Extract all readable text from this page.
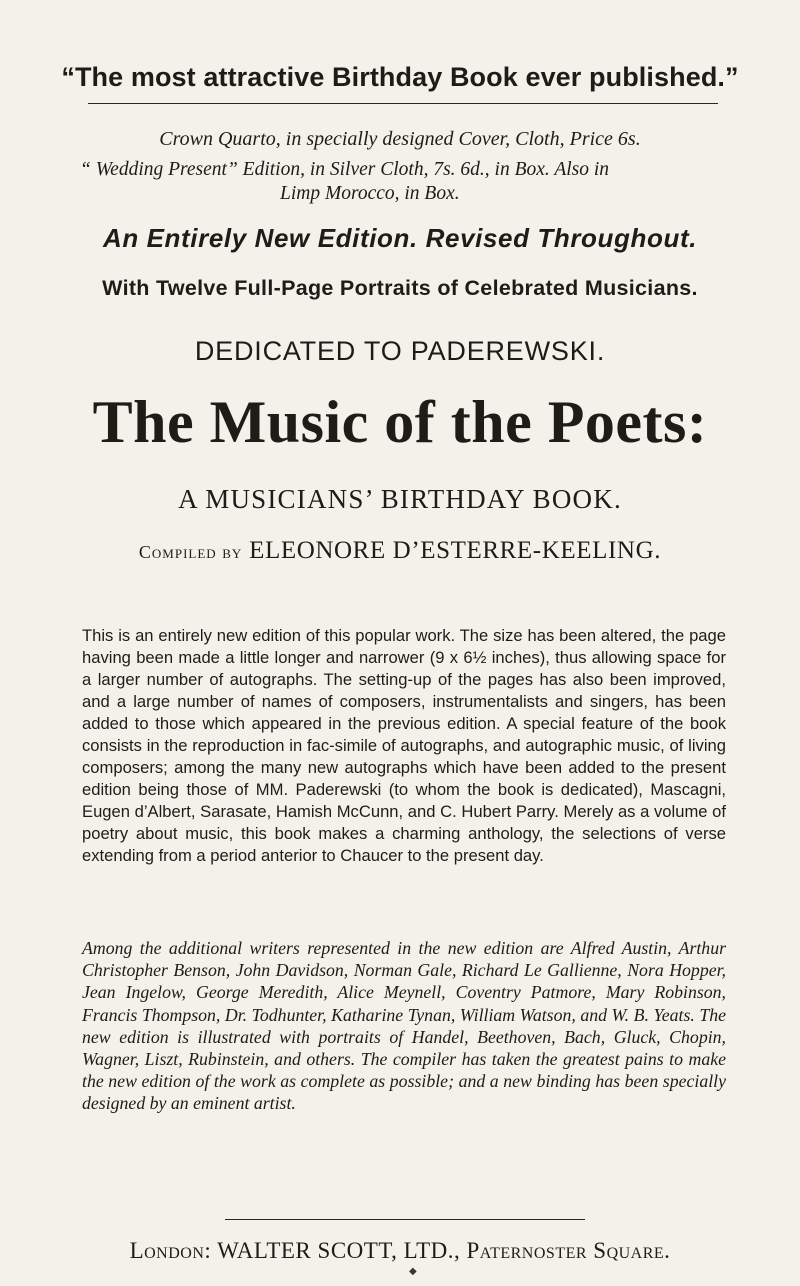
“The most attractive Birthday Book ever published.”
Crown Quarto, in specially designed Cover, Cloth, Price 6s.
“ Wedding Present” Edition, in Silver Cloth, 7s. 6d., in Box. Also in
Limp Morocco, in Box.
An Entirely New Edition. Revised Throughout.
With Twelve Full-Page Portraits of Celebrated Musicians.
DEDICATED TO PADEREWSKI.
The Music of the Poets:
A MUSICIANS’ BIRTHDAY BOOK.
Compiled by ELEONORE D’ESTERRE-KEELING.

This is an entirely new edition of this popular work. The size has been altered, the page having been made a little longer and narrower (9 x 6½ inches), thus allowing space for a larger number of autographs. The setting-up of the pages has also been improved, and a large number of names of composers, instrumentalists and singers, has been added to those which appeared in the previous edition. A special feature of the book consists in the reproduction in fac-simile of autographs, and autographic music, of living composers; among the many new autographs which have been added to the present edition being those of MM. Paderewski (to whom the book is dedicated), Mascagni, Eugen d’Albert, Sarasate, Hamish McCunn, and C. Hubert Parry. Merely as a volume of poetry about music, this book makes a charming anthology, the selections of verse extending from a period anterior to Chaucer to the present day.

Among the additional writers represented in the new edition are Alfred Austin, Arthur Christopher Benson, John Davidson, Norman Gale, Richard Le Gallienne, Nora Hopper, Jean Ingelow, George Meredith, Alice Meynell, Coventry Patmore, Mary Robinson, Francis Thompson, Dr. Todhunter, Katharine Tynan, William Watson, and W. B. Yeats. The new edition is illustrated with portraits of Handel, Beethoven, Bach, Gluck, Chopin, Wagner, Liszt, Rubinstein, and others. The compiler has taken the greatest pains to make the new edition of the work as complete as possible; and a new binding has been specially designed by an eminent artist.

London: WALTER SCOTT, LTD., Paternoster Square.
◆
